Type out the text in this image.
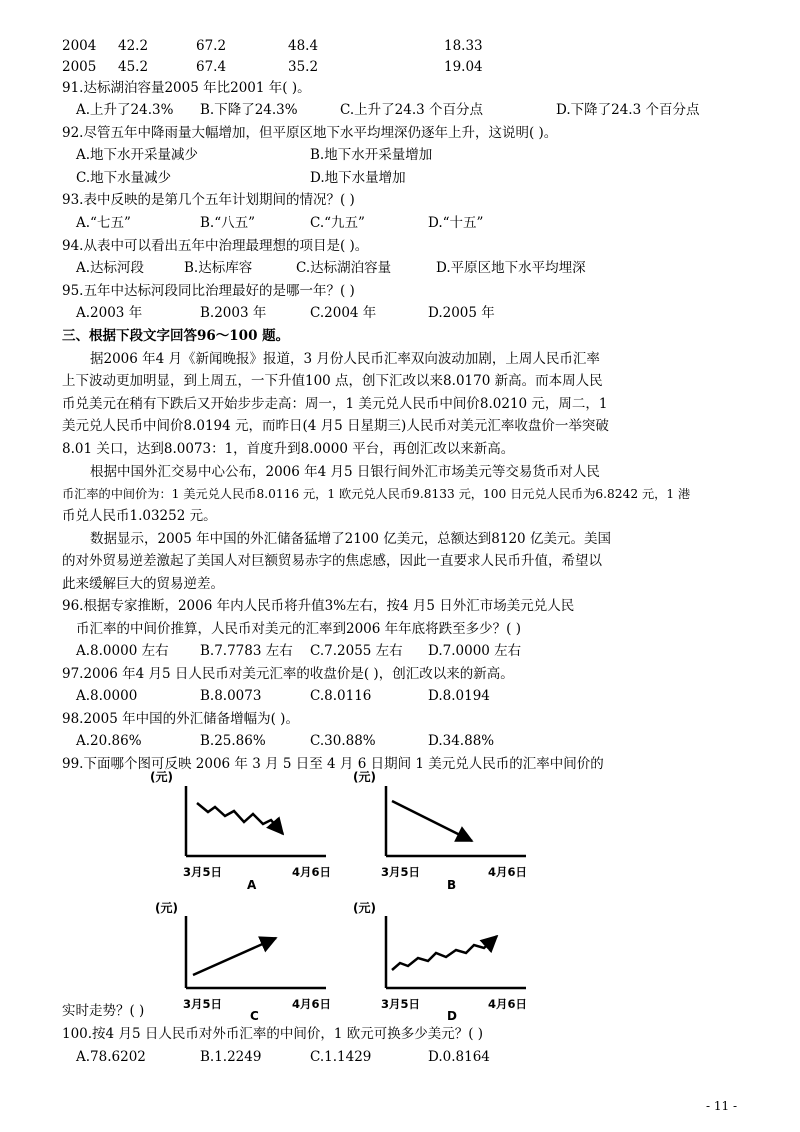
2004 42.2	67.2	48.4	18.33
2005 45.2	67.4	35.2	19.04
91.达标湖泊容量2005 年比2001 年( )。
A.上升了24.3% B.下降了24.3%	C.上升了24.3 个百分点	D.下降了24.3 个百分点
92.尽管五年中降雨量大幅增加，但平原区地下水平均埋深仍逐年上升，这说明( )。
A.地下水开采量减少	B.地下水开采量增加
C.地下水量减少	D.地下水量增加
93.表中反映的是第几个五年计划期间的情况？( )
A.“七五”	B.“八五”	C.“九五”	D.“十五”
94.从表中可以看出五年中治理最理想的项目是( )。
A.达标河段	B.达标库容	C.达标湖泊容量	D.平原区地下水平均埋深
95.五年中达标河段同比治理最好的是哪一年？( )
A.2003 年	B.2003 年	C.2004 年	D.2005 年
三、根据下段文字回答96～100 题。
据2006 年4 月《新闻晚报》报道，3 月份人民币汇率双向波动加剧，上周人民币汇率
上下波动更加明显，到上周五，一下升值100 点，创下汇改以来8.0170 新高。而本周人民
币兑美元在稍有下跌后又开始步步走高：周一，1 美元兑人民币中间价8.0210 元，周二，1
美元兑人民币中间价8.0194 元，而昨日(4 月5 日星期三)人民币对美元汇率收盘价一举突破
8.01 关口，达到8.0073：1，首度升到8.0000 平台，再创汇改以来新高。
根据中国外汇交易中心公布，2006 年4 月5 日银行间外汇市场美元等交易货币对人民
币汇率的中间价为：1 美元兑人民币8.0116 元，1 欧元兑人民币9.8133 元，100 日元兑人民币为6.8242 元，1 港
币兑人民币1.03252 元。
数据显示，2005 年中国的外汇储备猛增了2100 亿美元，总额达到8120 亿美元。美国
的对外贸易逆差激起了美国人对巨额贸易赤字的焦虑感，因此一直要求人民币升值，希望以
此来缓解巨大的贸易逆差。
96.根据专家推断，2006 年内人民币将升值3%左右，按4 月5 日外汇市场美元兑人民
币汇率的中间价推算，人民币对美元的汇率到2006 年年底将跌至多少？( )
A.8.0000 左右 B.7.7783 左右 C.7.2055 左右 D.7.0000 左右
97.2006 年4 月5 日人民币对美元汇率的收盘价是( )，创汇改以来的新高。
A.8.0000	B.8.0073	C.8.0116	D.8.0194
98.2005 年中国的外汇储备增幅为( )。
A.20.86%	B.25.86%	C.30.88%	D.34.88%
99.下面哪个图可反映 2006 年 3 月 5 日至 4 月 6 日期间 1 美元兑人民币的汇率中间价的
(元)
3月5日	4月6日
A
(元)
3月5日	4月6日
B
(元)
3月5日	4月6日
C
(元)
3月5日	4月6日
D
实时走势？( )
100.按4 月5 日人民币对外币汇率的中间价，1 欧元可换多少美元？( )
A.78.6202	B.1.2249	C.1.1429	D.0.8164
- 11 -
